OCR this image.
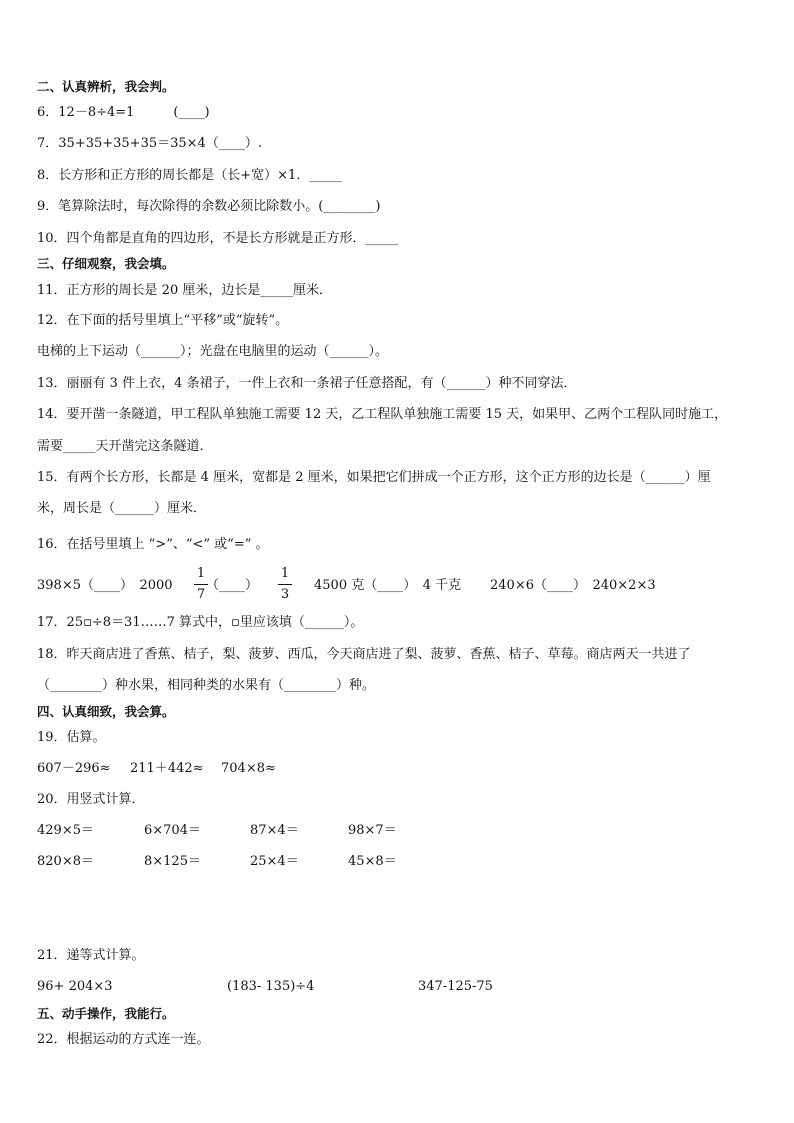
二、认真辨析，我会判。
6．12－8÷4=1　　　(____)
7．35+35+35+35＝35×4（____）.
8．长方形和正方形的周长都是（长+宽）×1．_____
9．笔算除法时，每次除得的余数必须比除数小。(________)
10．四个角都是直角的四边形，不是长方形就是正方形．_____
三、仔细观察，我会填。
11．正方形的周长是 20 厘米，边长是_____厘米．
12．在下面的括号里填上“平移”或“旋转”。
电梯的上下运动（______）；光盘在电脑里的运动（______）。
13．丽丽有 3 件上衣，4 条裙子，一件上衣和一条裙子任意搭配，有（______）种不同穿法．
14．要开凿一条隧道，甲工程队单独施工需要 12 天，乙工程队单独施工需要 15 天，如果甲、乙两个工程队同时施工，
需要_____天开凿完这条隧道．
15．有两个长方形，长都是 4 厘米，宽都是 2 厘米，如果把它们拼成一个正方形，这个正方形的边长是（______）厘
米，周长是（______）厘米．
16．在括号里填上 “>”、“<” 或“=” 。
398×5（____）　2000
1
7
（____）
1
3
4500 克（____）　4 千克 240×6（____）　240×2×3
17．25▫÷8＝31……7 算式中，▫里应该填（______）。
18．昨天商店进了香蕉、桔子，梨、菠萝、西瓜，今天商店进了梨、菠萝、香蕉、桔子、草莓。商店两天一共进了
（________）种水果，相同种类的水果有（________）种。
四、认真细致，我会算。
19．估算。
607－296≈ 211＋442≈ 704×8≈
20．用竖式计算．
429×5＝	6×704＝	87×4＝	98×7＝
820×8＝	8×125＝	25×4＝	45×8＝
21．递等式计算。
96+ 204×3	(183- 135)÷4	347-125-75
五、动手操作，我能行。
22．根据运动的方式连一连。
